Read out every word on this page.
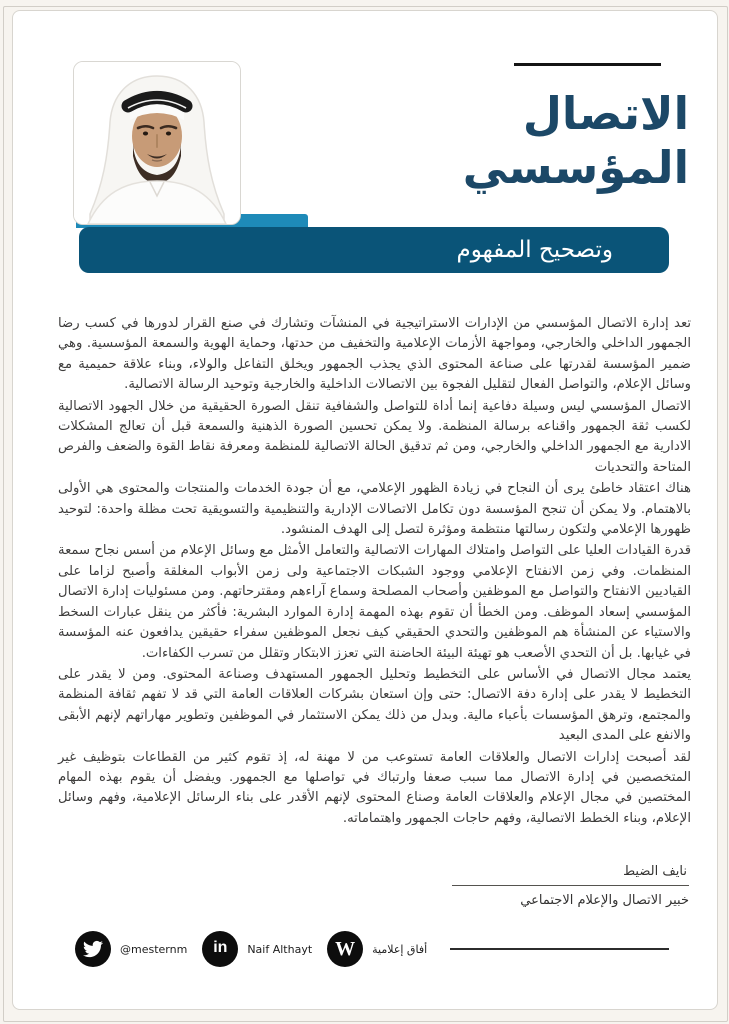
الاتصال
المؤسسي
وتصحيح المفهوم

تعد إدارة الاتصال المؤسسي من الإدارات الاستراتيجية في المنشآت وتشارك في صنع القرار لدورها في كسب رضا الجمهور الداخلي والخارجي، ومواجهة الأزمات الإعلامية والتخفيف من حدتها، وحماية الهوية والسمعة المؤسسية. وهي ضمير المؤسسة لقدرتها على صناعة المحتوى الذي يجذب الجمهور ويخلق التفاعل والولاء، وبناء علاقة حميمية مع وسائل الإعلام، والتواصل الفعال لتقليل الفجوة بين الاتصالات الداخلية والخارجية وتوحيد الرسالة الاتصالية.

الاتصال المؤسسي ليس وسيلة دفاعية إنما أداة للتواصل والشفافية تنقل الصورة الحقيقية من خلال الجهود الاتصالية لكسب ثقة الجمهور واقناعه برسالة المنظمة. ولا يمكن تحسين الصورة الذهنية والسمعة قبل أن تعالج المشكلات الادارية مع الجمهور الداخلي والخارجي، ومن ثم تدقيق الحالة الاتصالية للمنظمة ومعرفة نقاط القوة والضعف والفرص المتاحة والتحديات

هناك اعتقاد خاطئ يرى أن النجاح في زيادة الظهور الإعلامي، مع أن جودة الخدمات والمنتجات والمحتوى هي الأولى بالاهتمام. ولا يمكن أن تنجح المؤسسة دون تكامل الاتصالات الإدارية والتنظيمية والتسويقية تحت مظلة واحدة: لتوحيد ظهورها الإعلامي ولتكون رسالتها منتظمة ومؤثرة لتصل إلى الهدف المنشود.

قدرة القيادات العليا على التواصل وامتلاك المهارات الاتصالية والتعامل الأمثل مع وسائل الإعلام من أسس نجاح سمعة المنظمات. وفي زمن الانفتاح الإعلامي ووجود الشبكات الاجتماعية ولى زمن الأبواب المغلقة وأصبح لزاما على القياديين الانفتاح والتواصل مع الموظفين وأصحاب المصلحة وسماع آراءهم ومقترحاتهم. ومن مسئوليات إدارة الاتصال المؤسسي إسعاد الموظف. ومن الخطأ أن تقوم بهذه المهمة إدارة الموارد البشرية: فأكثر من ينقل عبارات السخط والاستياء عن المنشأة هم الموظفين والتحدي الحقيقي كيف نجعل الموظفين سفراء حقيقين يدافعون عنه المؤسسة في غيابها. بل أن التحدي الأصعب هو تهيئة البيئة الحاضنة التي تعزز الابتكار وتقلل من تسرب الكفاءات.

يعتمد مجال الاتصال في الأساس على التخطيط وتحليل الجمهور المستهدف وصناعة المحتوى. ومن لا يقدر على التخطيط لا يقدر على إدارة دفة الاتصال: حتى وإن استعان بشركات العلاقات العامة التي قد لا تفهم ثقافة المنظمة والمجتمع، وترهق المؤسسات بأعباء مالية. وبدل من ذلك يمكن الاستثمار في الموظفين وتطوير مهاراتهم لإنهم الأبقى والانفع على المدى البعيد

لقد أصبحت إدارات الاتصال والعلاقات العامة تستوعب من لا مهنة له، إذ تقوم كثير من القطاعات بتوظيف غير المتخصصين في إدارة الاتصال مما سبب صعفا وارتباك في تواصلها مع الجمهور. ويفضل أن يقوم بهذه المهام المختصين في مجال الإعلام والعلاقات العامة وصناع المحتوى لإنهم الأقدر على بناء الرسائل الإعلامية، وفهم وسائل الإعلام، وبناء الخطط الاتصالية، وفهم حاجات الجمهور واهتماماته.

نايف الضيط
خبير الاتصال والإعلام الاجتماعي
@mesternm in Naif Althayt W أفاق إعلامية
